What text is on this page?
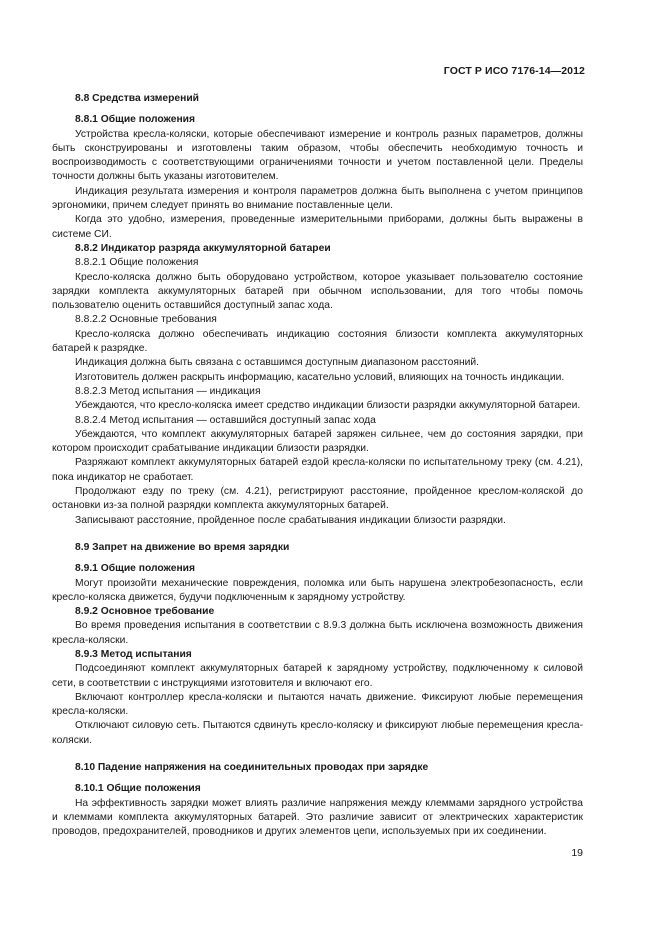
ГОСТ Р ИСО 7176-14—2012

8.8 Средства измерений

8.8.1 Общие положения

Устройства кресла-коляски, которые обеспечивают измерение и контроль разных параметров, должны быть сконструированы и изготовлены таким образом, чтобы обеспечить необходимую точность и воспроизводимость с соответствующими ограничениями точности и учетом поставленной цели. Пределы точности должны быть указаны изготовителем.

Индикация результата измерения и контроля параметров должна быть выполнена с учетом принципов эргономики, причем следует принять во внимание поставленные цели.

Когда это удобно, измерения, проведенные измерительными приборами, должны быть выражены в системе СИ.

8.8.2 Индикатор разряда аккумуляторной батареи

8.8.2.1 Общие положения

Кресло-коляска должно быть оборудовано устройством, которое указывает пользователю состояние зарядки комплекта аккумуляторных батарей при обычном использовании, для того чтобы помочь пользователю оценить оставшийся доступный запас хода.

8.8.2.2 Основные требования

Кресло-коляска должно обеспечивать индикацию состояния близости комплекта аккумуляторных батарей к разрядке.

Индикация должна быть связана с оставшимся доступным диапазоном расстояний.

Изготовитель должен раскрыть информацию, касательно условий, влияющих на точность индикации.

8.8.2.3 Метод испытания — индикация

Убеждаются, что кресло-коляска имеет средство индикации близости разрядки аккумуляторной батареи.

8.8.2.4 Метод испытания — оставшийся доступный запас хода

Убеждаются, что комплект аккумуляторных батарей заряжен сильнее, чем до состояния зарядки, при котором происходит срабатывание индикации близости разрядки.

Разряжают комплект аккумуляторных батарей ездой кресла-коляски по испытательному треку (см. 4.21), пока индикатор не сработает.

Продолжают езду по треку (см. 4.21), регистрируют расстояние, пройденное креслом-коляской до остановки из-за полной разрядки комплекта аккумуляторных батарей.

Записывают расстояние, пройденное после срабатывания индикации близости разрядки.

8.9 Запрет на движение во время зарядки

8.9.1 Общие положения

Могут произойти механические повреждения, поломка или быть нарушена электробезопасность, если кресло-коляска движется, будучи подключенным к зарядному устройству.

8.9.2 Основное требование

Во время проведения испытания в соответствии с 8.9.3 должна быть исключена возможность движения кресла-коляски.

8.9.3 Метод испытания

Подсоединяют комплект аккумуляторных батарей к зарядному устройству, подключенному к силовой сети, в соответствии с инструкциями изготовителя и включают его.

Включают контроллер кресла-коляски и пытаются начать движение. Фиксируют любые перемещения кресла-коляски.

Отключают силовую сеть. Пытаются сдвинуть кресло-коляску и фиксируют любые перемещения кресла-коляски.

8.10 Падение напряжения на соединительных проводах при зарядке

8.10.1 Общие положения

На эффективность зарядки может влиять различие напряжения между клеммами зарядного устройства и клеммами комплекта аккумуляторных батарей. Это различие зависит от электрических характеристик проводов, предохранителей, проводников и других элементов цепи, используемых при их соединении.

19
